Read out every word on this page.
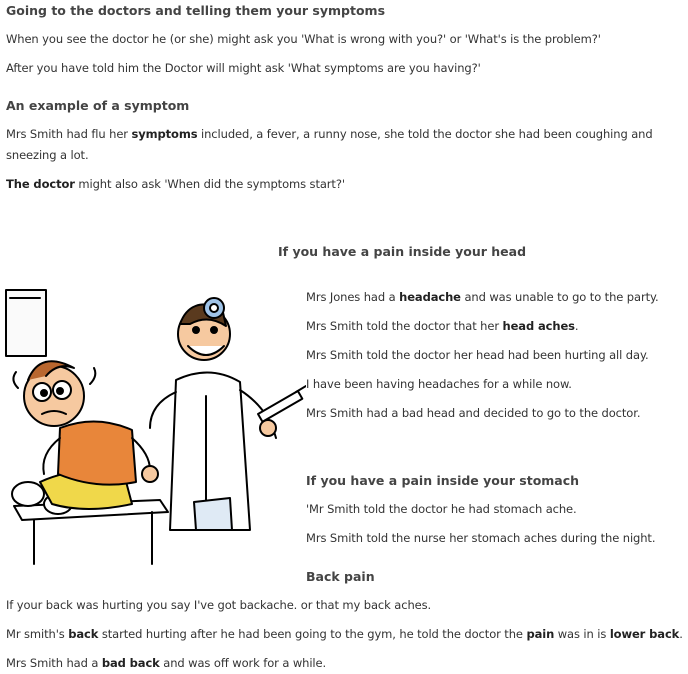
Going to the doctors and telling them your symptoms
When you see the doctor he (or she) might ask you 'What is wrong with you?' or 'What's is the problem?'
After you have told him the Doctor will might ask 'What symptoms are you having?'
An example of a symptom
Mrs Smith had flu her symptoms included, a fever, a runny nose, she told the doctor she had been coughing and
sneezing a lot.
The doctor might also ask 'When did the symptoms start?'
If you have a pain inside your head
Mrs Jones had a headache and was unable to go to the party.
Mrs Smith told the doctor that her head aches.
Mrs Smith told the doctor her head had been hurting all day.
I have been having headaches for a while now.
Mrs Smith had a bad head and decided to go to the doctor.
If you have a pain inside your stomach
'Mr Smith told the doctor he had stomach ache.
Mrs Smith told the nurse her stomach aches during the night.
Back pain
If your back was hurting you say I've got backache. or that my back aches.
Mr smith's back started hurting after he had been going to the gym, he told the doctor the pain was in is lower back.
Mrs Smith had a bad back and was off work for a while.
